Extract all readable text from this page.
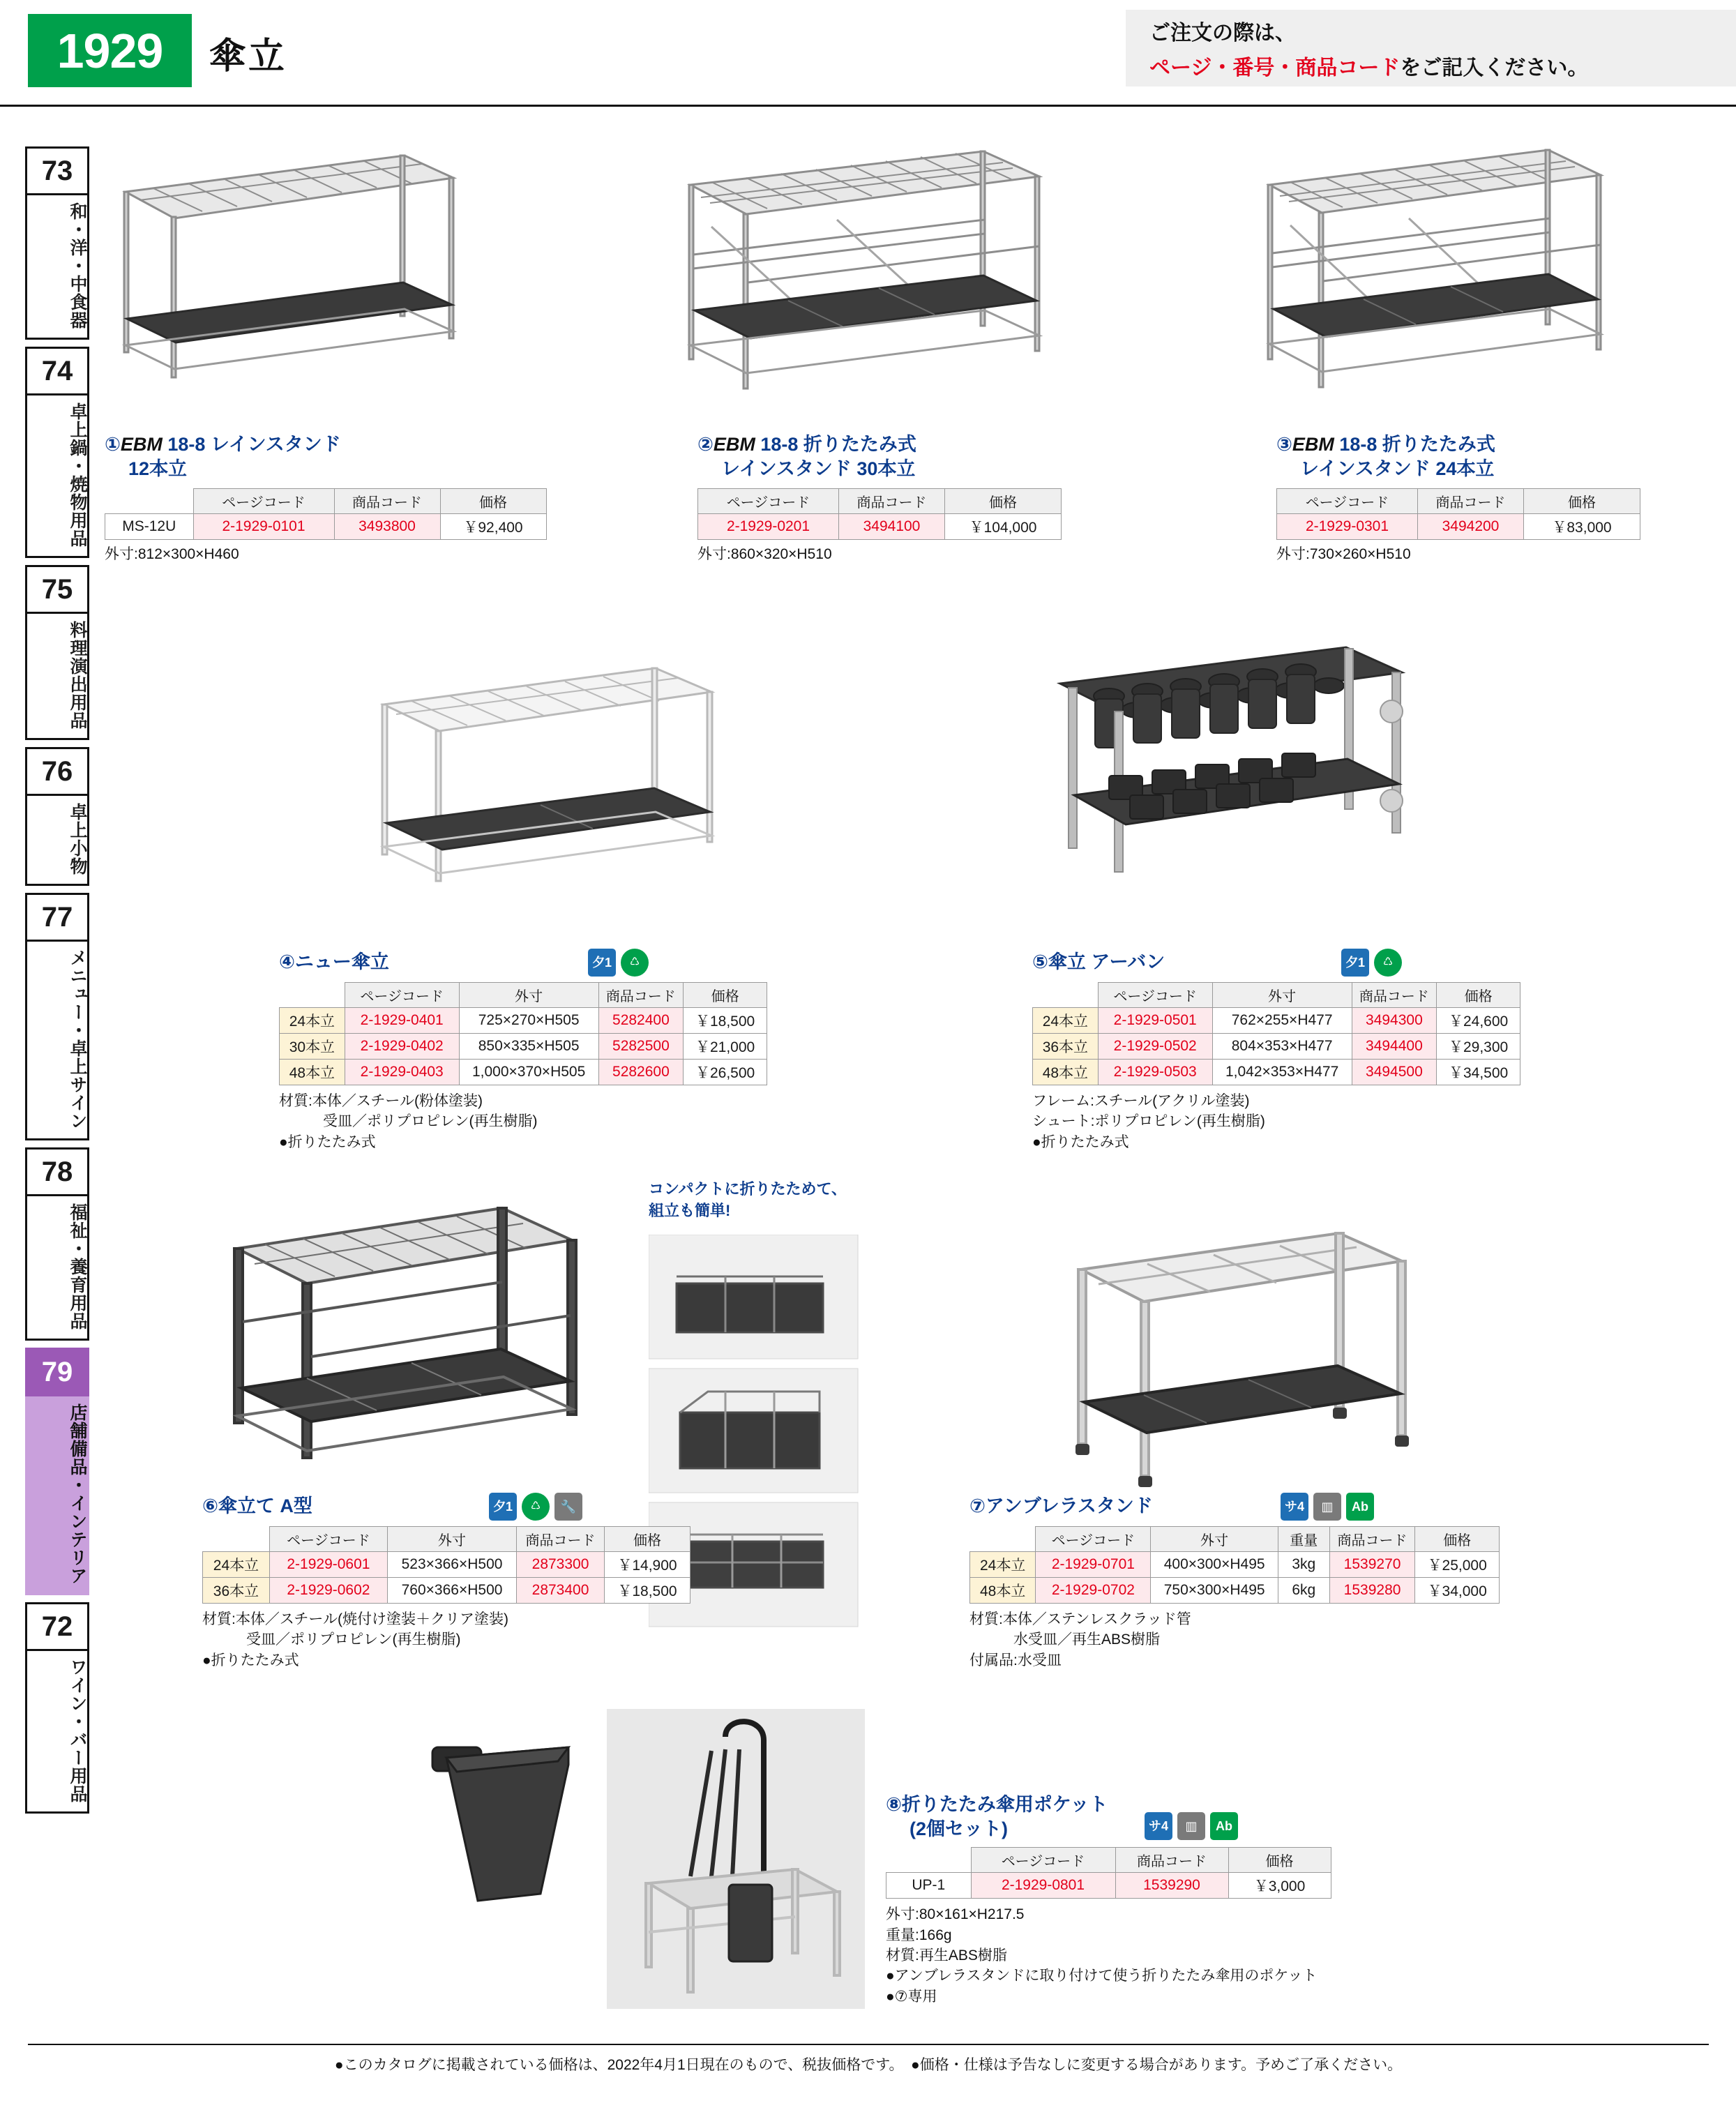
1929 傘立
ご注文の際は、
ページ・番号・商品コードをご記入ください。
73
和・洋・中食器
74
卓上鍋・焼物用品
75
料理演出用品
76
卓上小物
77
メニュー・卓上サイン
78
福祉・養育用品
79
店舗備品・インテリア
72
ワイン・バー用品
①EBM 18-8 レインスタンド
12本立
	ページコード	商品コード	価格
MS-12U	2-1929-0101	3493800	￥92,400
外寸:812×300×H460
②EBM 18-8 折りたたみ式
レインスタンド 30本立
ページコード	商品コード	価格
2-1929-0201	3494100	￥104,000
外寸:860×320×H510
③EBM 18-8 折りたたみ式
レインスタンド 24本立
ページコード	商品コード	価格
2-1929-0301	3494200	￥83,000
外寸:730×260×H510
④ニュー傘立	夕1	♺
	ページコード	外寸	商品コード	価格
24本立	2-1929-0401	725×270×H505	5282400	￥18,500
30本立	2-1929-0402	850×335×H505	5282500	￥21,000
48本立	2-1929-0403	1,000×370×H505	5282600	￥26,500
材質:本体／スチール(粉体塗装)
　　　受皿／ポリプロピレン(再生樹脂)
●折りたたみ式
⑤傘立 アーバン	夕1	♺
	ページコード	外寸	商品コード	価格
24本立	2-1929-0501	762×255×H477	3494300	￥24,600
36本立	2-1929-0502	804×353×H477	3494400	￥29,300
48本立	2-1929-0503	1,042×353×H477	3494500	￥34,500
フレーム:スチール(アクリル塗装)
シュート:ポリプロピレン(再生樹脂)
●折りたたみ式
コンパクトに折りたためて、
組立も簡単!
⑥傘立て A型	夕1	♺	🔧
	ページコード	外寸	商品コード	価格
24本立	2-1929-0601	523×366×H500	2873300	￥14,900
36本立	2-1929-0602	760×366×H500	2873400	￥18,500
材質:本体／スチール(焼付け塗装＋クリア塗装)
　　　受皿／ポリプロピレン(再生樹脂)
●折りたたみ式
⑦アンブレラスタンド	サ4	▥	Ab
	ページコード	外寸	重量	商品コード	価格
24本立	2-1929-0701	400×300×H495	3kg	1539270	￥25,000
48本立	2-1929-0702	750×300×H495	6kg	1539280	￥34,000
材質:本体／ステンレスクラッド管
　　　水受皿／再生ABS樹脂
付属品:水受皿
⑧折りたたみ傘用ポケット
(2個セット)	サ4	▥	Ab
	ページコード	商品コード	価格
UP-1	2-1929-0801	1539290	￥3,000
外寸:80×161×H217.5
重量:166g
材質:再生ABS樹脂
●アンブレラスタンドに取り付けて使う折りたたみ傘用のポケット
●⑦専用
●このカタログに掲載されている価格は、2022年4月1日現在のもので、税抜価格です。　●価格・仕様は予告なしに変更する場合があります。予めご了承ください。
